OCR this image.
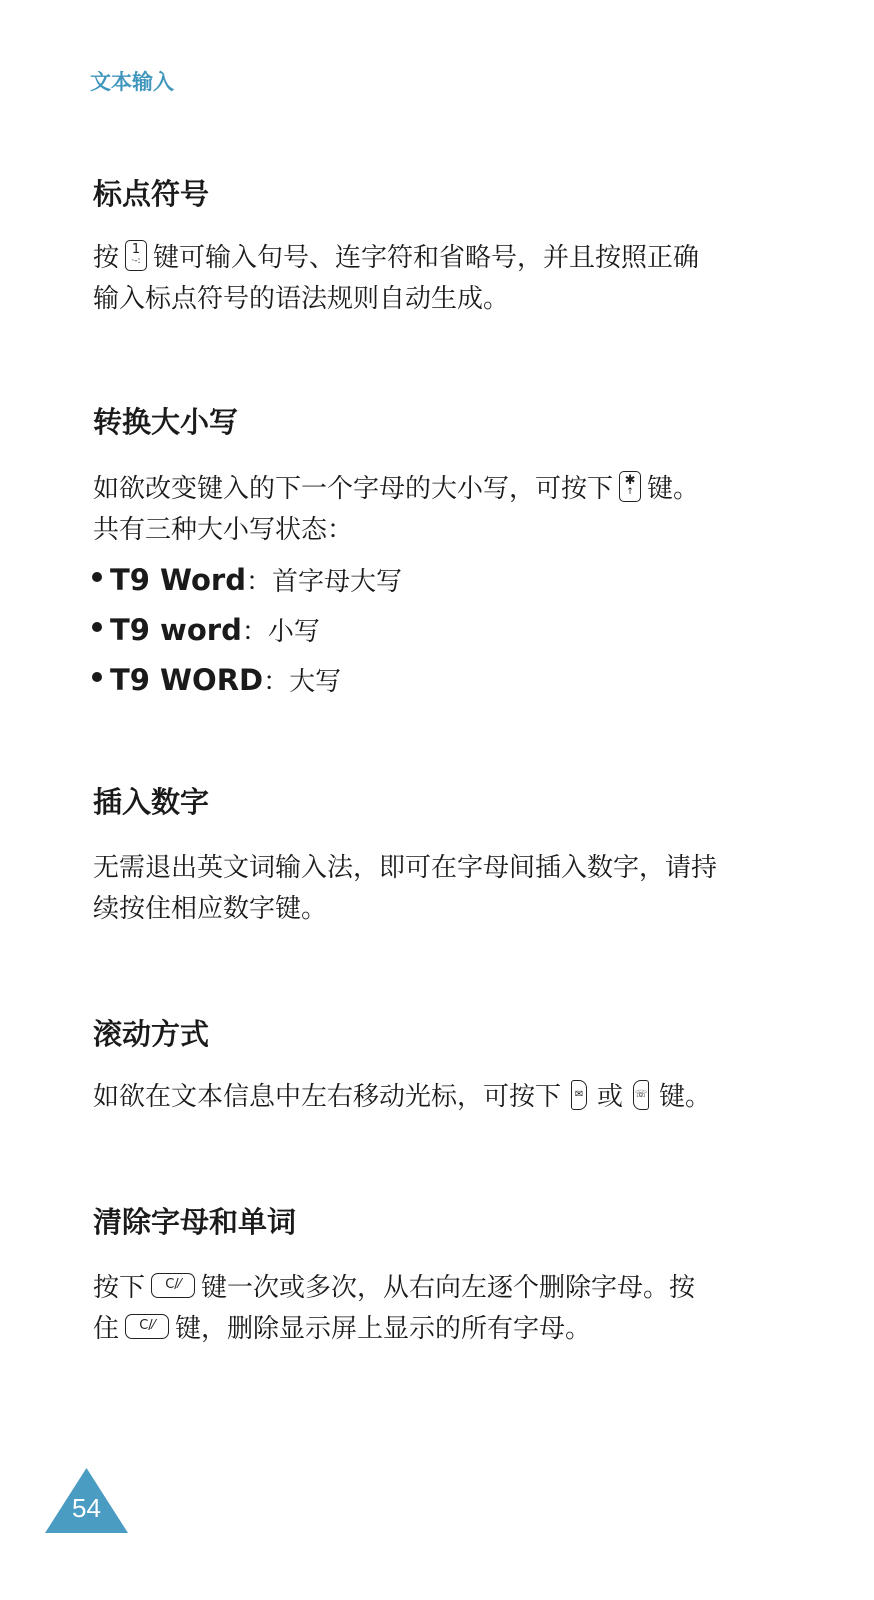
文本输入
标点符号
按 1
·-: 键可输入句号、连字符和省略号，并且按照正确
输入标点符号的语法规则自动生成。
转换大小写
如欲改变键入的下一个字母的大小写，可按下 ✱
↑ 键。
共有三种大小写状态：
T9 Word：首字母大写
T9 word：小写
T9 WORD：大写
插入数字
无需退出英文词输入法，即可在字母间插入数字，请持
续按住相应数字键。
滚动方式
如欲在文本信息中左右移动光标，可按下 ✉ 或 ☏ 键。
清除字母和单词
按下 C/⁄ 键一次或多次，从右向左逐个删除字母。按
住 C/⁄ 键，删除显示屏上显示的所有字母。
54
